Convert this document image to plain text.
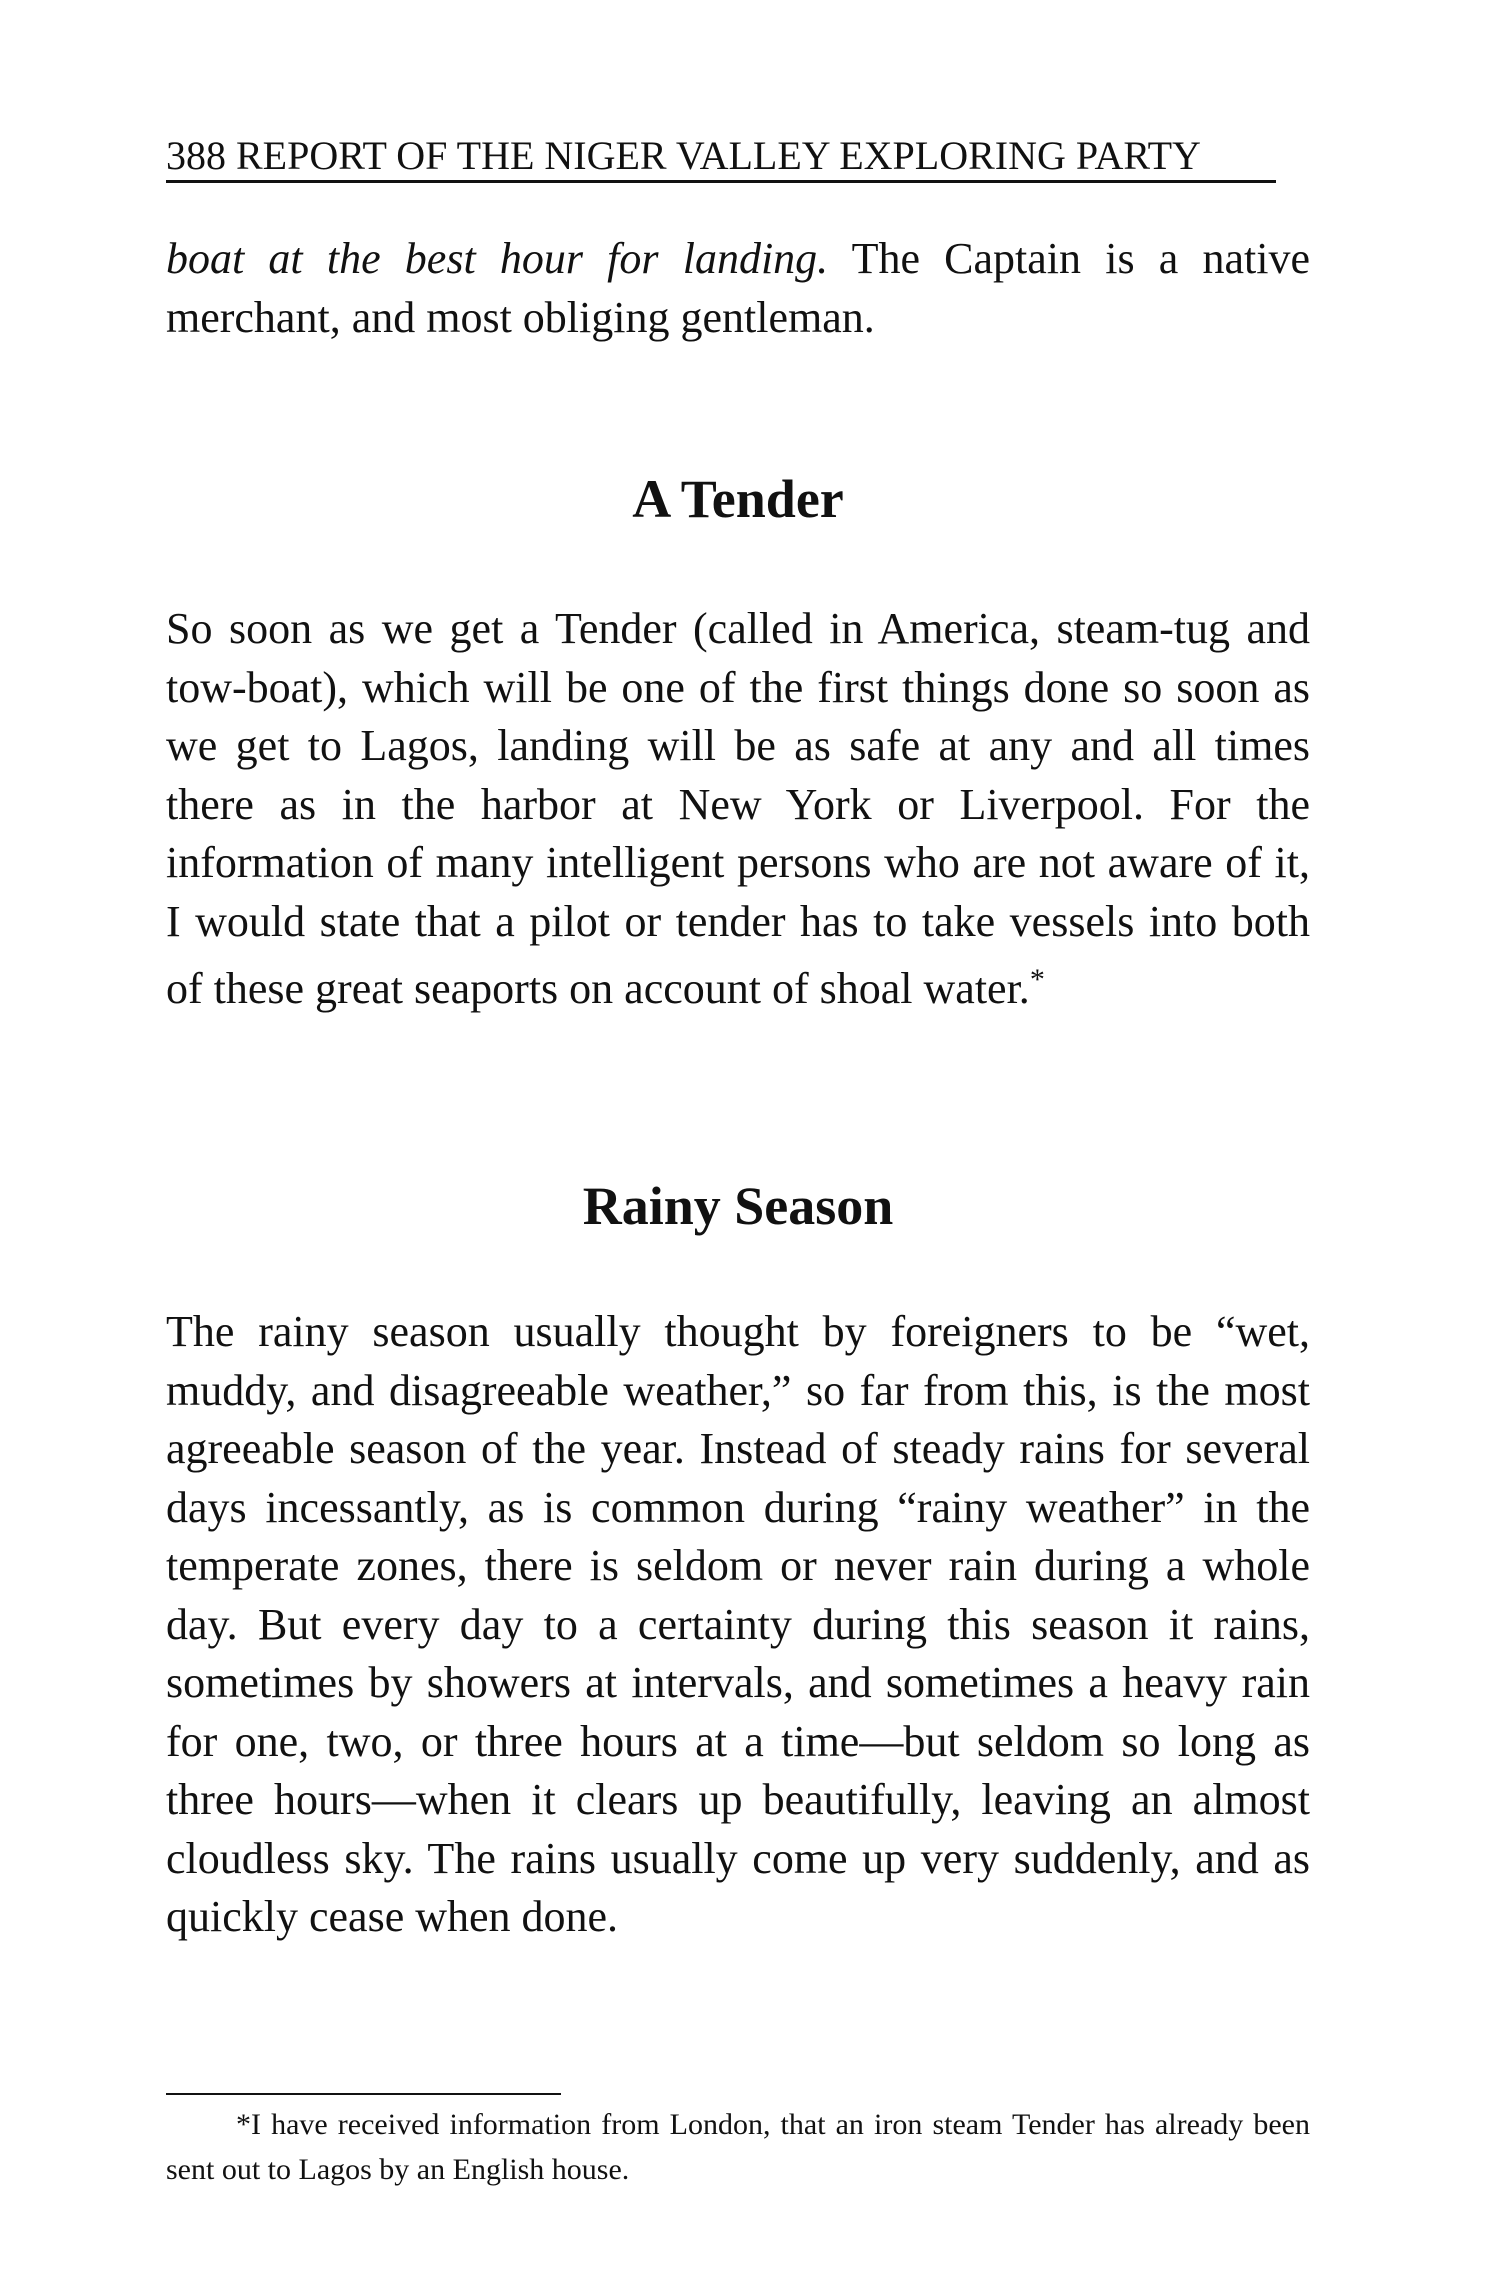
388 REPORT OF THE NIGER VALLEY EXPLORING PARTY

boat at the best hour for landing. The Captain is a native merchant, and most obliging gentleman.

A Tender

So soon as we get a Tender (called in America, steam-tug and tow-boat), which will be one of the first things done so soon as we get to Lagos, landing will be as safe at any and all times there as in the harbor at New York or Liverpool. For the information of many intelligent persons who are not aware of it, I would state that a pilot or tender has to take vessels into both of these great seaports on account of shoal water.*

Rainy Season

The rainy season usually thought by foreigners to be “wet, muddy, and disagreeable weather,” so far from this, is the most agreeable season of the year. Instead of steady rains for several days incessantly, as is common during “rainy weather” in the temperate zones, there is seldom or never rain during a whole day. But every day to a certainty during this season it rains, sometimes by showers at intervals, and sometimes a heavy rain for one, two, or three hours at a time—but seldom so long as three hours—when it clears up beautifully, leaving an almost cloudless sky. The rains usually come up very suddenly, and as quickly cease when done.

*I have received information from London, that an iron steam Tender has already been sent out to Lagos by an English house.
